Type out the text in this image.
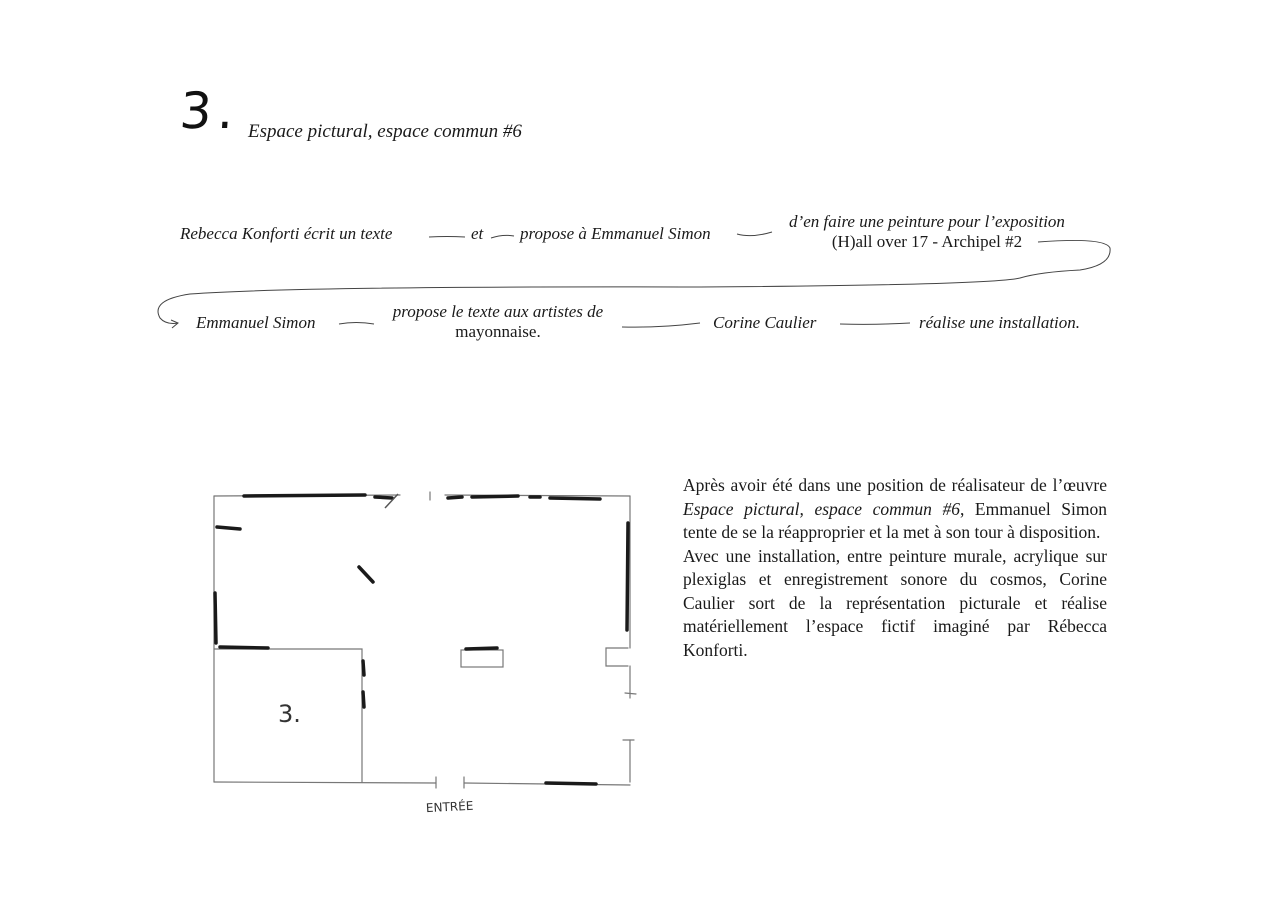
3. Espace pictural, espace commun #6
Rebecca Konforti écrit un texte	et propose à Emmanuel Simon
d’en faire une peinture pour l’exposition
(H)all over 17 - Archipel #2
Emmanuel Simon
propose le texte aux artistes de
mayonnaise.	Corine Caulier	réalise une installation.
3.
ENTRÉE

Après avoir été dans une position de réalisateur de l’œuvre Espace pictural, espace commun #6, Emmanuel Simon tente de se la réapproprier et la met à son tour à disposition.

Avec une installation, entre peinture murale, acrylique sur plexiglas et enregistrement sonore du cosmos, Corine Caulier sort de la représentation picturale et réalise matériellement l’espace fictif imaginé par Rébecca Konforti.
